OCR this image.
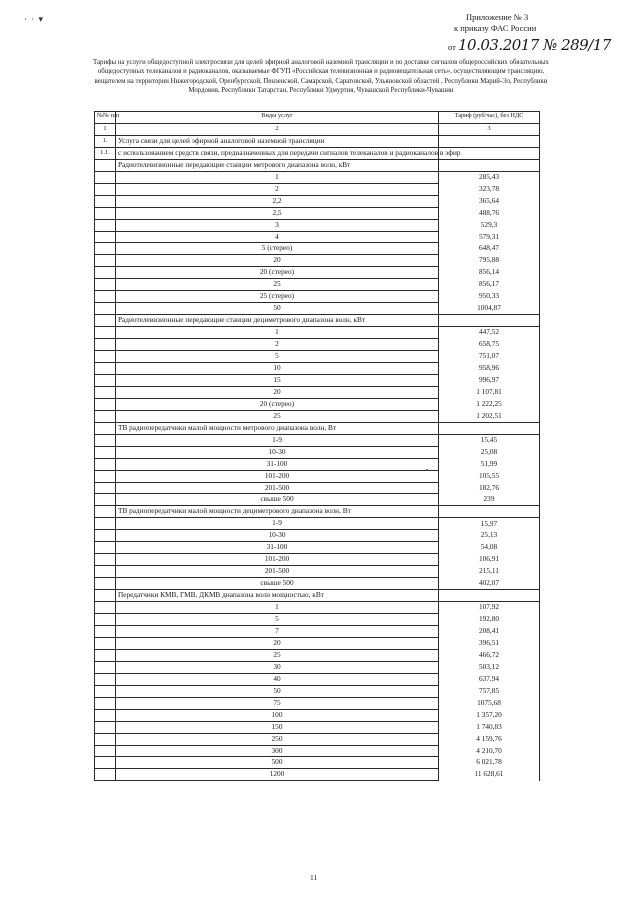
· · ▾	Приложение № 3
к приказу ФАС России
от 10.03.2017 № 289/17
Тарифы на услуги общедоступной электросвязи для целей эфирной аналоговой наземной трансляции и по доставке сигналов общероссийских обязательных общедоступных телеканалов и радиоканалов, оказываемые ФГУП «Российская телевизионная и радиовещательная сеть», осуществляющим трансляцию, вещателем на территории Нижегородской, Оренбургской, Пензенской, Самарской, Саратовской, Ульяновской областей , Республики Марий-Эл, Республики Мордовия, Республики Татарстан, Республики Удмуртия, Чувашской Республики-Чувашии
№№ п/п	Виды услуг	Тариф (руб/час), без НДС
1	2	3
1.	Услуга связи для целей эфирной аналоговой наземной трансляции	
1.1.	с использованием средств связи, предназначенных для передачи сигналов телеканалов и радиоканалов в эфир	
	Радиотелевизионные передающие станции метрового диапазона волн, кВт	
	1	285,43
	2	323,78
	2,2	365,64
	2,5	488,76
	3	529,3
	4	579,31
	5 (стерео)	648,47
	20	795,88
	20 (стерео)	856,14
	25	856,17
	25 (стерео)	950,33
	50	1004,87
	Радиотелевизионные передающие станции дециметрового диапазона волн, кВт	
	1	447,52
	2	658,75
	5	751,07
	10	958,96
	15	996,97
	20	1 107,81
	20 (стерео)	1 222,25
	25	1 202,51
	ТВ радиопередатчики малой мощности метрового диапазона волн, Вт	
	1-9	15,45
	10-30	25,08
	31-100	51,99
	101-200	105,55
	201-500	182,76
	свыше 500	239
	ТВ радиопередатчики малой мощности дециметрового диапазона волн, Вт	
	1-9	15,97
	10-30	25,13
	31-100	54,08
	101-200	106,91
	201-500	215,11
	свыше 500	402,07
	Передатчики КМВ, ГМВ, ДКМВ диапазона волн мощностью, кВт	
	1	107,92
	5	192,80
	7	208,41
	20	396,51
	25	466,72
	30	503,12
	40	637,94
	50	757,85
	75	1075,68
	100	1 357,20
	150	1 740,83
	250	4 159,76
	300	4 210,70
	500	6 021,78
	1200	11 628,61
11
